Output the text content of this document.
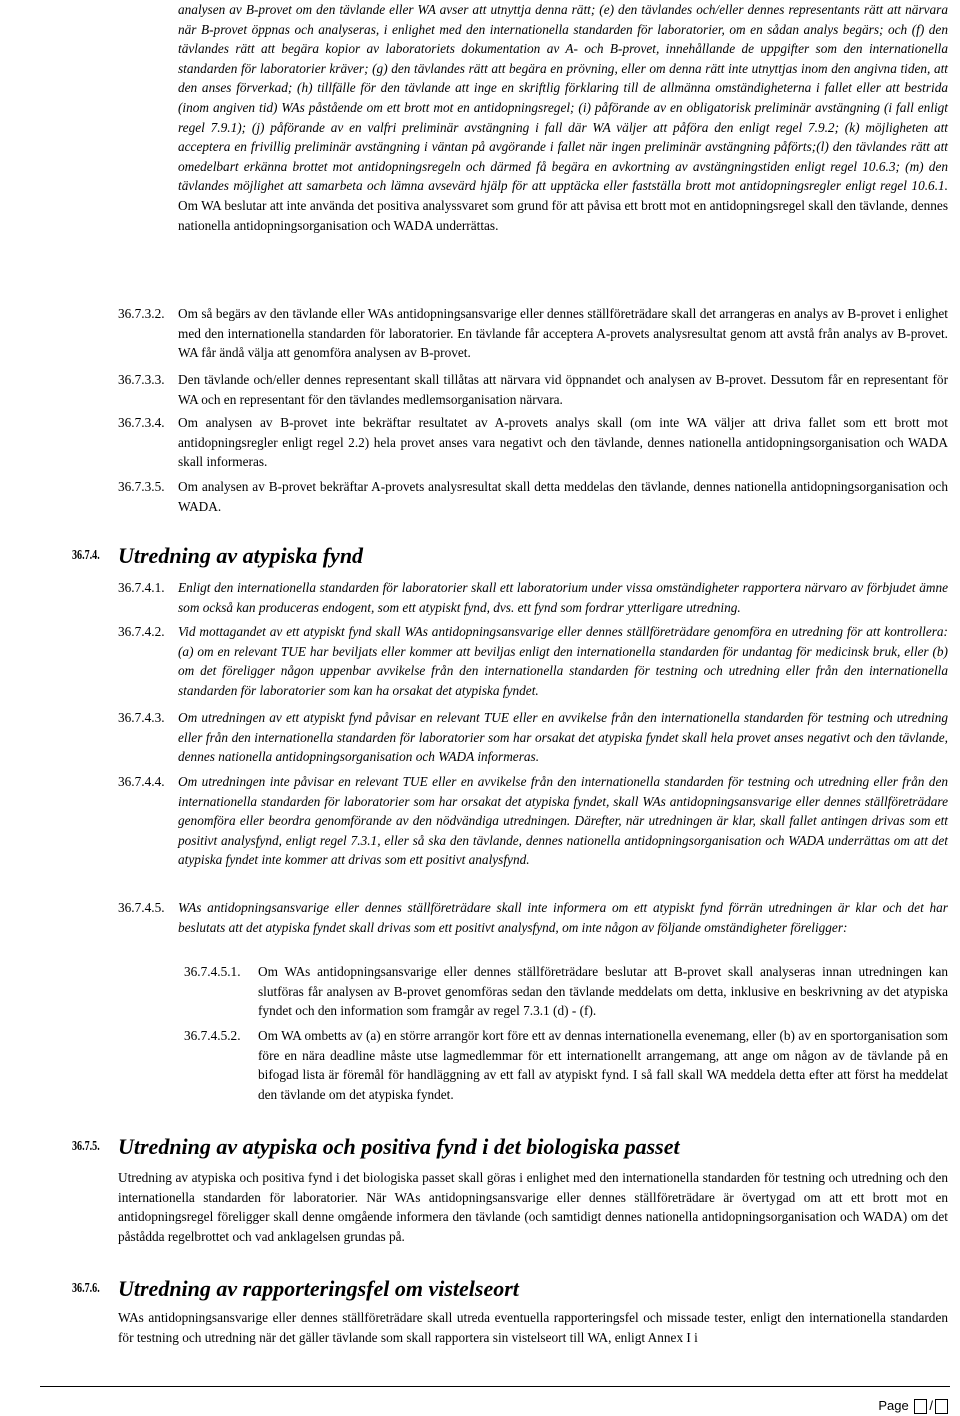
analysen av B-provet om den tävlande eller WA avser att utnyttja denna rätt; (e) den tävlandes och/eller dennes representants rätt att närvara när B-provet öppnas och analyseras, i enlighet med den internationella standarden för laboratorier, om en sådan analys begärs; och (f) den tävlandes rätt att begära kopior av laboratoriets dokumentation av A- och B-provet, innehållande de uppgifter som den internationella standarden för laboratorier kräver; (g) den tävlandes rätt att begära en prövning, eller om denna rätt inte utnyttjas inom den angivna tiden, att den anses förverkad; (h) tillfälle för den tävlande att inge en skriftlig förklaring till de allmänna omständigheterna i fallet eller att bestrida (inom angiven tid) WAs påstående om ett brott mot en antidopningsregel; (i) påförande av en obligatorisk preliminär avstängning (i fall enligt regel 7.9.1); (j) påförande av en valfri preliminär avstängning i fall där WA väljer att påföra den enligt regel 7.9.2; (k) möjligheten att acceptera en frivillig preliminär avstängning i väntan på avgörande i fallet när ingen preliminär avstängning påförts;(l) den tävlandes rätt att omedelbart erkänna brottet mot antidopningsregeln och därmed få begära en avkortning av avstängningstiden enligt regel 10.6.3; (m) den tävlandes möjlighet att samarbeta och lämna avsevärd hjälp för att upptäcka eller fastställa brott mot antidopningsregler enligt regel 10.6.1. Om WA beslutar att inte använda det positiva analyssvaret som grund för att påvisa ett brott mot en antidopningsregel skall den tävlande, dennes nationella antidopningsorganisation och WADA underrättas.

36.7.3.2. Om så begärs av den tävlande eller WAs antidopningsansvarige eller dennes ställföreträdare skall det arrangeras en analys av B-provet i enlighet med den internationella standarden för laboratorier. En tävlande får acceptera A-provets analysresultat genom att avstå från analys av B-provet. WA får ändå välja att genomföra analysen av B-provet.

36.7.3.3. Den tävlande och/eller dennes representant skall tillåtas att närvara vid öppnandet och analysen av B-provet. Dessutom får en representant för WA och en representant för den tävlandes medlemsorganisation närvara.

36.7.3.4. Om analysen av B-provet inte bekräftar resultatet av A-provets analys skall (om inte WA väljer att driva fallet som ett brott mot antidopningsregler enligt regel 2.2) hela provet anses vara negativt och den tävlande, dennes nationella antidopningsorganisation och WADA skall informeras.

36.7.3.5. Om analysen av B-provet bekräftar A-provets analysresultat skall detta meddelas den tävlande, dennes nationella antidopningsorganisation och WADA.

36.7.4. Utredning av atypiska fynd
36.7.4.1. Enligt den internationella standarden för laboratorier skall ett laboratorium under vissa omständigheter rapportera närvaro av förbjudet ämne som också kan produceras endogent, som ett atypiskt fynd, dvs. ett fynd som fordrar ytterligare utredning.

36.7.4.2. Vid mottagandet av ett atypiskt fynd skall WAs antidopningsansvarige eller dennes ställföreträdare genomföra en utredning för att kontrollera: (a) om en relevant TUE har beviljats eller kommer att beviljas enligt den internationella standarden för undantag för medicinsk bruk, eller (b) om det föreligger någon uppenbar avvikelse från den internationella standarden för testning och utredning eller från den internationella standarden för laboratorier som kan ha orsakat det atypiska fyndet.

36.7.4.3. Om utredningen av ett atypiskt fynd påvisar en relevant TUE eller en avvikelse från den internationella standarden för testning och utredning eller från den internationella standarden för laboratorier som har orsakat det atypiska fyndet skall hela provet anses negativt och den tävlande, dennes nationella antidopningsorganisation och WADA informeras.

36.7.4.4. Om utredningen inte påvisar en relevant TUE eller en avvikelse från den internationella standarden för testning och utredning eller från den internationella standarden för laboratorier som har orsakat det atypiska fyndet, skall WAs antidopningsansvarige eller dennes ställföreträdare genomföra eller beordra genomförande av den nödvändiga utredningen. Därefter, när utredningen är klar, skall fallet antingen drivas som ett positivt analysfynd, enligt regel 7.3.1, eller så ska den tävlande, dennes nationella antidopningsorganisation och WADA underrättas om att det atypiska fyndet inte kommer att drivas som ett positivt analysfynd.

36.7.4.5. WAs antidopningsansvarige eller dennes ställföreträdare skall inte informera om ett atypiskt fynd förrän utredningen är klar och det har beslutats att det atypiska fyndet skall drivas som ett positivt analysfynd, om inte någon av följande omständigheter föreligger:

36.7.4.5.1. Om WAs antidopningsansvarige eller dennes ställföreträdare beslutar att B-provet skall analyseras innan utredningen kan slutföras får analysen av B-provet genomföras sedan den tävlande meddelats om detta, inklusive en beskrivning av det atypiska fyndet och den information som framgår av regel 7.3.1 (d) - (f).

36.7.4.5.2. Om WA ombetts av (a) en större arrangör kort före ett av dennas internationella evenemang, eller (b) av en sportorganisation som före en nära deadline måste utse lagmedlemmar för ett internationellt arrangemang, att ange om någon av de tävlande på en bifogad lista är föremål för handläggning av ett fall av atypiskt fynd. I så fall skall WA meddela detta efter att först ha meddelat den tävlande om det atypiska fyndet.

36.7.5. Utredning av atypiska och positiva fynd i det biologiska passet

Utredning av atypiska och positiva fynd i det biologiska passet skall göras i enlighet med den internationella standarden för testning och utredning och den internationella standarden för laboratorier. När WAs antidopningsansvarige eller dennes ställföreträdare är övertygad om att ett brott mot en antidopningsregel föreligger skall denne omgående informera den tävlande (och samtidigt dennes nationella antidopningsorganisation och WADA) om det påstådda regelbrottet och vad anklagelsen grundas på.

36.7.6. Utredning av rapporteringsfel om vistelseort

WAs antidopningsansvarige eller dennes ställföreträdare skall utreda eventuella rapporteringsfel och missade tester, enligt den internationella standarden för testning och utredning när det gäller tävlande som skall rapportera sin vistelseort till WA, enligt Annex I i

Page /
